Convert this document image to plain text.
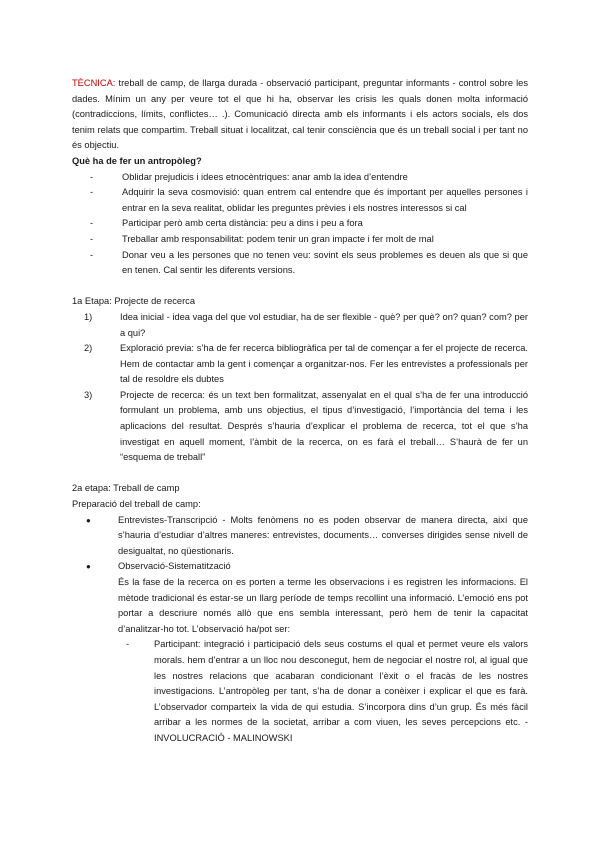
TÈCNICA: treball de camp, de llarga durada - observació participant, preguntar informants - control sobre les dades. Mínim un any per veure tot el que hi ha, observar les crisis les quals donen molta informació (contradiccions, límits, conflictes… .). Comunicació directa amb els informants i els actors socials, els dos tenim relats que compartim. Treball situat i localitzat, cal tenir consciència que és un treball social i per tant no és objectiu.

Què ha de fer un antropòleg?

-	Oblidar prejudicis i idees etnocèntriques: anar amb la idea d’entendre
-	Adquirir la seva cosmovisió: quan entrem cal entendre que és important per aquelles persones i entrar en la seva realitat, oblidar les preguntes prèvies i els nostres interessos si cal
-	Participar però amb certa distància: peu a dins i peu a fora
-	Treballar amb responsabilitat: podem tenir un gran impacte i fer molt de mal
-	Donar veu a les persones que no tenen veu: sovint els seus problemes es deuen als que si que en tenen. Cal sentir les diferents versions.

1a Etapa: Projecte de recerca

1)	Idea inicial - idea vaga del que vol estudiar, ha de ser flexible - què? per què? on? quan? com? per a qui?
2)	Exploració previa: s’ha de fer recerca bibliogràfica per tal de començar a fer el projecte de recerca. Hem de contactar amb la gent i començar a organitzar-nos. Fer les entrevistes a professionals per tal de resoldre els dubtes
3)	Projecte de recerca: és un text ben formalitzat, assenyalat en el qual s’ha de fer una introducció formulant un problema, amb uns objectius, el tipus d’investigació, l’importància del tema i les aplicacions del resultat. Després s’hauria d’explicar el problema de recerca, tot el que s’ha investigat en aquell moment, l’àmbit de la recerca, on es farà el treball… S’haurà de fer un “esquema de treball”

2a etapa: Treball de camp

Preparació del treball de camp:

●	Entrevistes-Transcripció - Molts fenòmens no es poden observar de manera directa, així que s’hauria d’estudiar d’altres maneres: entrevistes, documents… converses dirigides sense nivell de desigualtat, no qüestionaris.
●	Observació-Sistematització

És la fase de la recerca on es porten a terme les observacions i es registren les informacions. El mètode tradicional és estar-se un llarg període de temps recollint una informació. L’emoció ens pot portar a descriure només allò que ens sembla interessant, però hem de tenir la capacitat d’analitzar-ho tot. L’observació ha/pot ser:

-	Participant: integració i participació dels seus costums el qual et permet veure els valors morals. hem d’entrar a un lloc nou desconegut, hem de negociar el nostre rol, al igual que les nostres relacions que acabaran condicionant l’èxit o el fracàs de les nostres investigacions. L’antropòleg per tant, s’ha de donar a conèixer i explicar el que es farà. L’observador comparteix la vida de qui estudia. S’incorpora dins d’un grup. És més fàcil arribar a les normes de la societat, arribar a com viuen, les seves percepcions etc. - INVOLUCRACIÓ - MALINOWSKI
